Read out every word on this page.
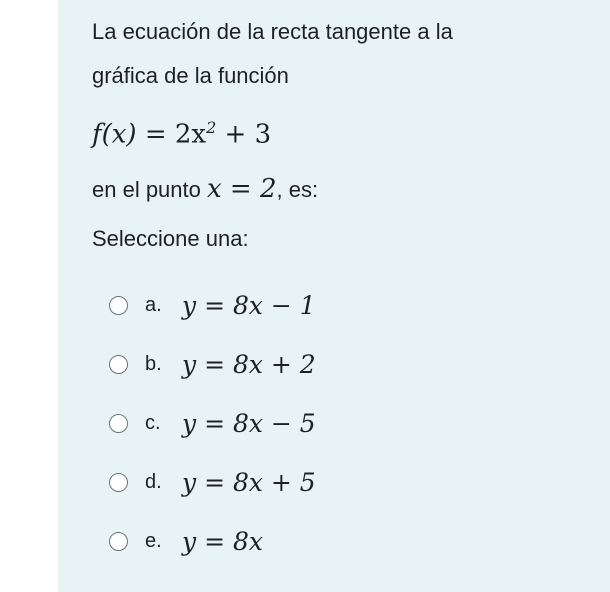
La ecuación de la recta tangente a la
gráfica de la función
$f(x) = 2x^2 + 3$
en el punto x = 2, es:
Seleccione una:
a. y = 8x − 1
b. y = 8x + 2
c. y = 8x − 5
d. y = 8x + 5
e. y = 8x
